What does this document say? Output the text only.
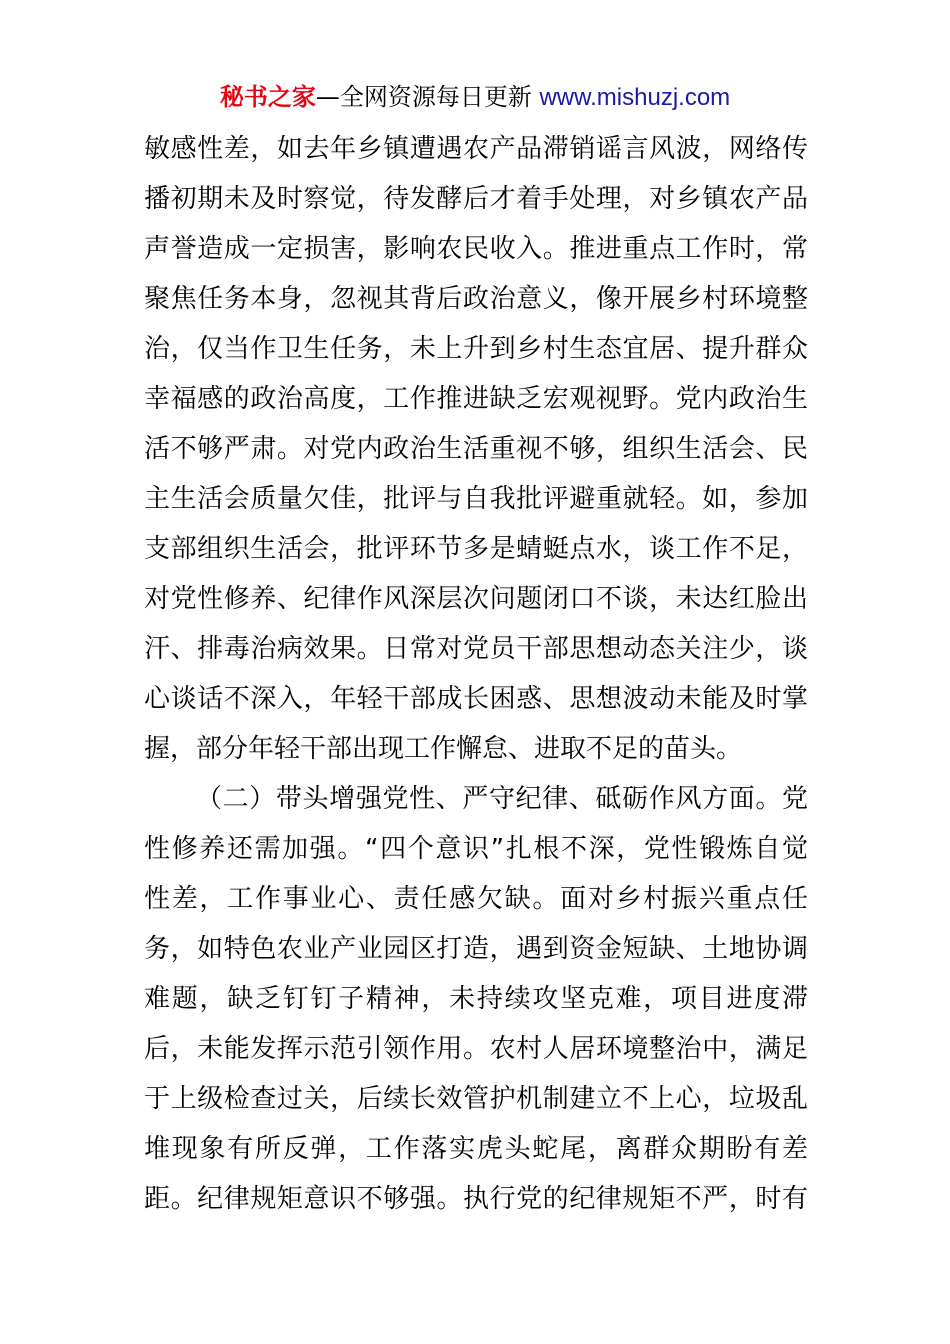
秘书之家—全网资源每日更新 www.mishuzj.com
敏感性差，如去年乡镇遭遇农产品滞销谣言风波，网络传
播初期未及时察觉，待发酵后才着手处理，对乡镇农产品
声誉造成一定损害，影响农民收入。推进重点工作时，常
聚焦任务本身，忽视其背后政治意义，像开展乡村环境整
治，仅当作卫生任务，未上升到乡村生态宜居、提升群众
幸福感的政治高度，工作推进缺乏宏观视野。党内政治生
活不够严肃。对党内政治生活重视不够，组织生活会、民
主生活会质量欠佳，批评与自我批评避重就轻。如，参加
支部组织生活会，批评环节多是蜻蜓点水，谈工作不足，
对党性修养、纪律作风深层次问题闭口不谈，未达红脸出
汗、排毒治病效果。日常对党员干部思想动态关注少，谈
心谈话不深入，年轻干部成长困惑、思想波动未能及时掌
握，部分年轻干部出现工作懈怠、进取不足的苗头。
（二）带头增强党性、严守纪律、砥砺作风方面。党
性修养还需加强。“四个意识”扎根不深，党性锻炼自觉
性差，工作事业心、责任感欠缺。面对乡村振兴重点任
务，如特色农业产业园区打造，遇到资金短缺、土地协调
难题，缺乏钉钉子精神，未持续攻坚克难，项目进度滞
后，未能发挥示范引领作用。农村人居环境整治中，满足
于上级检查过关，后续长效管护机制建立不上心，垃圾乱
堆现象有所反弹，工作落实虎头蛇尾，离群众期盼有差
距。纪律规矩意识不够强。执行党的纪律规矩不严，时有
